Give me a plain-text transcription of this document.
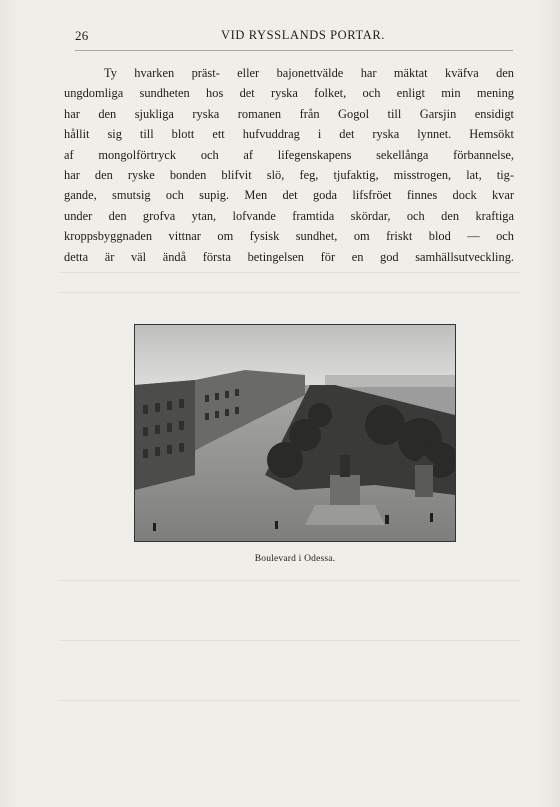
26	VID RYSSLANDS PORTAR.
Ty hvarken präst- eller bajonettvälde har mäktat kväfva den
ungdomliga sundheten hos det ryska folket, och enligt min mening
har den sjukliga ryska romanen från Gogol till Garsjin ensidigt
hållit sig till blott ett hufvuddrag i det ryska lynnet. Hemsökt
af mongolförtryck och af lifegenskapens sekellånga förbannelse,
har den ryske bonden blifvit slö, feg, tjufaktig, misstrogen, lat, tig-
gande, smutsig och supig. Men det goda lifsfröet finnes dock kvar
under den grofva ytan, lofvande framtida skördar, och den kraftiga
kroppsbyggnaden vittnar om fysisk sundhet, om friskt blod — och
detta är väl ändå första betingelsen för en god samhällsutveckling.
Boulevard i Odessa.
